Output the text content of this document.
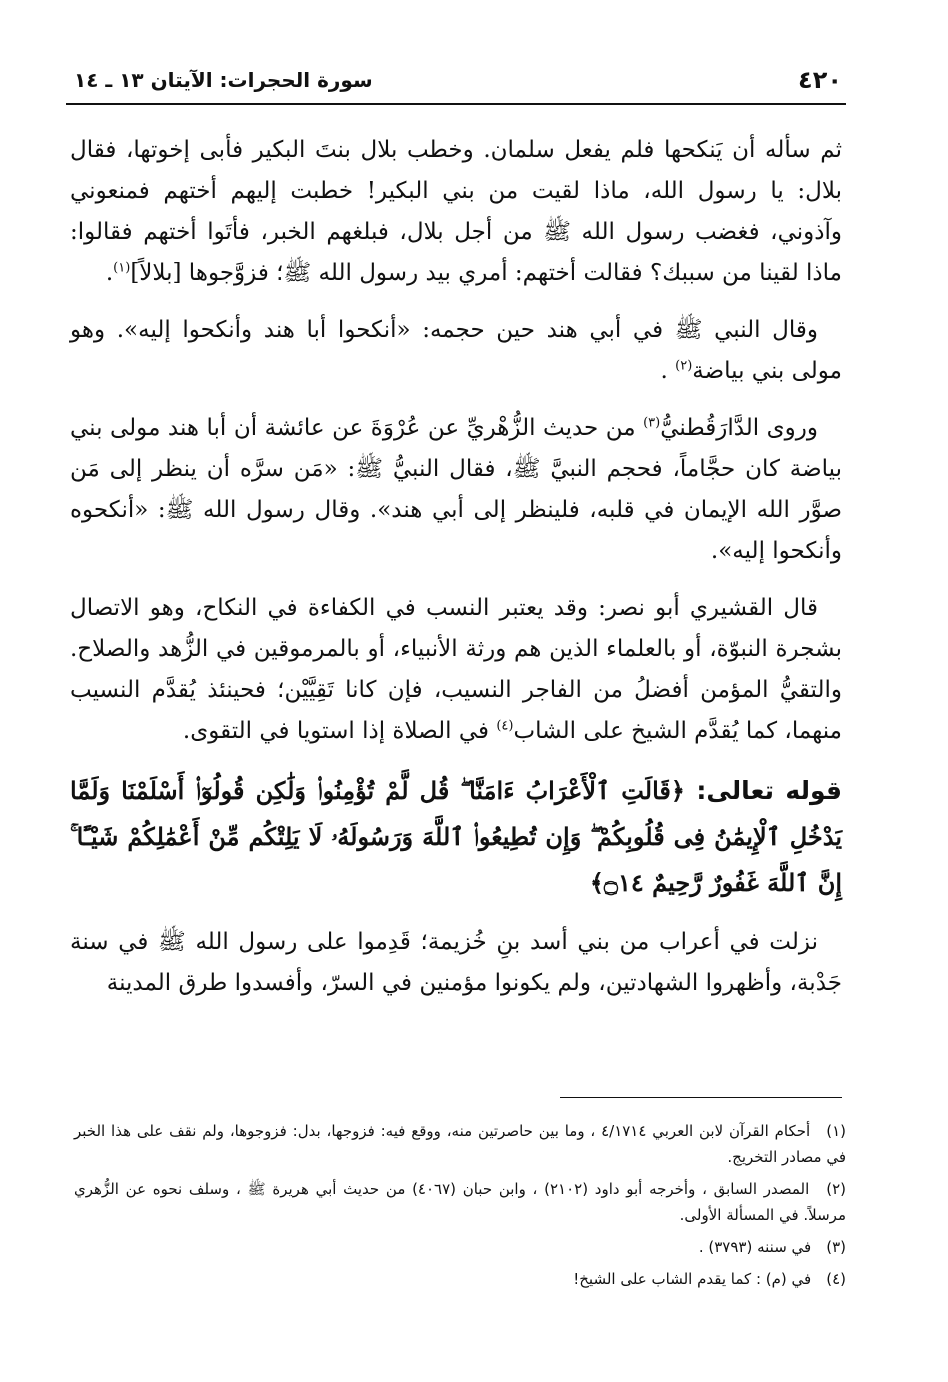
٤٢٠
سورة الحجرات: الآيتان ١٣ ـ ١٤

ثم سأله أن يَنكحها فلم يفعل سلمان. وخطب بلال بنتَ البكير فأبى إخوتها، فقال بلال: يا رسول الله، ماذا لقيت من بني البكير! خطبت إليهم أختهم فمنعوني وآذوني، فغضب رسول الله ﷺ من أجل بلال، فبلغهم الخبر، فأتَوا أختهم فقالوا: ماذا لقينا من سببك؟ فقالت أختهم: أمري بيد رسول الله ﷺ؛ فزوَّجوها [بلالاً]$^{(١)}$.

وقال النبي ﷺ في أبي هند حين حجمه: «أنكحوا أبا هند وأنكحوا إليه». وهو مولى بني بياضة$^{(٢)}$ .

وروى الدَّارَقُطنيُّ$^{(٣)}$ من حديث الزُّهْريِّ عن عُرْوَةَ عن عائشة أن أبا هند مولى بني بياضة كان حجَّاماً، فحجم النبيَّ ﷺ، فقال النبيُّ ﷺ: «مَن سرَّه أن ينظر إلى مَن صوَّر الله الإيمان في قلبه، فلينظر إلى أبي هند». وقال رسول الله ﷺ: «أنكحوه وأنكحوا إليه».

قال القشيري أبو نصر: وقد يعتبر النسب في الكفاءة في النكاح، وهو الاتصال بشجرة النبوّة، أو بالعلماء الذين هم ورثة الأنبياء، أو بالمرموقين في الزُّهد والصلاح. والتقيُّ المؤمن أفضلُ من الفاجر النسيب، فإن كانا تَقِيَّيْن؛ فحينئذ يُقدَّم النسيب منهما، كما يُقدَّم الشيخ على الشاب$^{(٤)}$ في الصلاة إذا استويا في التقوى.

قوله تعالى: ﴿قَالَتِ ٱلْأَعْرَابُ ءَامَنَّا ۖ قُل لَّمْ تُؤْمِنُوا۟ وَلَٰكِن قُولُوٓا۟ أَسْلَمْنَا وَلَمَّا يَدْخُلِ ٱلْإِيمَٰنُ فِى قُلُوبِكُمْ ۖ وَإِن تُطِيعُوا۟ ٱللَّهَ وَرَسُولَهُۥ لَا يَلِتْكُم مِّنْ أَعْمَٰلِكُمْ شَيْـًٔا ۚ إِنَّ ٱللَّهَ غَفُورٌ رَّحِيمٌ ۝١٤﴾

نزلت في أعراب من بني أسد بنِ خُزيمة؛ قَدِموا على رسول الله ﷺ في سنة جَدْبة، وأظهروا الشهادتين، ولم يكونوا مؤمنين في السرّ، وأفسدوا طرق المدينة

(١) أحكام القرآن لابن العربي ٤/١٧١٤ ، وما بين حاصرتين منه، ووقع فيه: فزوجها، بدل: فزوجوها، ولم نقف على هذا الخبر في مصادر التخريج.

(٢) المصدر السابق ، وأخرجه أبو داود (٢١٠٢) ، وابن حبان (٤٠٦٧) من حديث أبي هريرة ﷺ ، وسلف نحوه عن الزُّهري مرسلاً. في المسألة الأولى.

(٣) في سننه (٣٧٩٣) .

(٤) في (م) : كما يقدم الشاب على الشيخ!
